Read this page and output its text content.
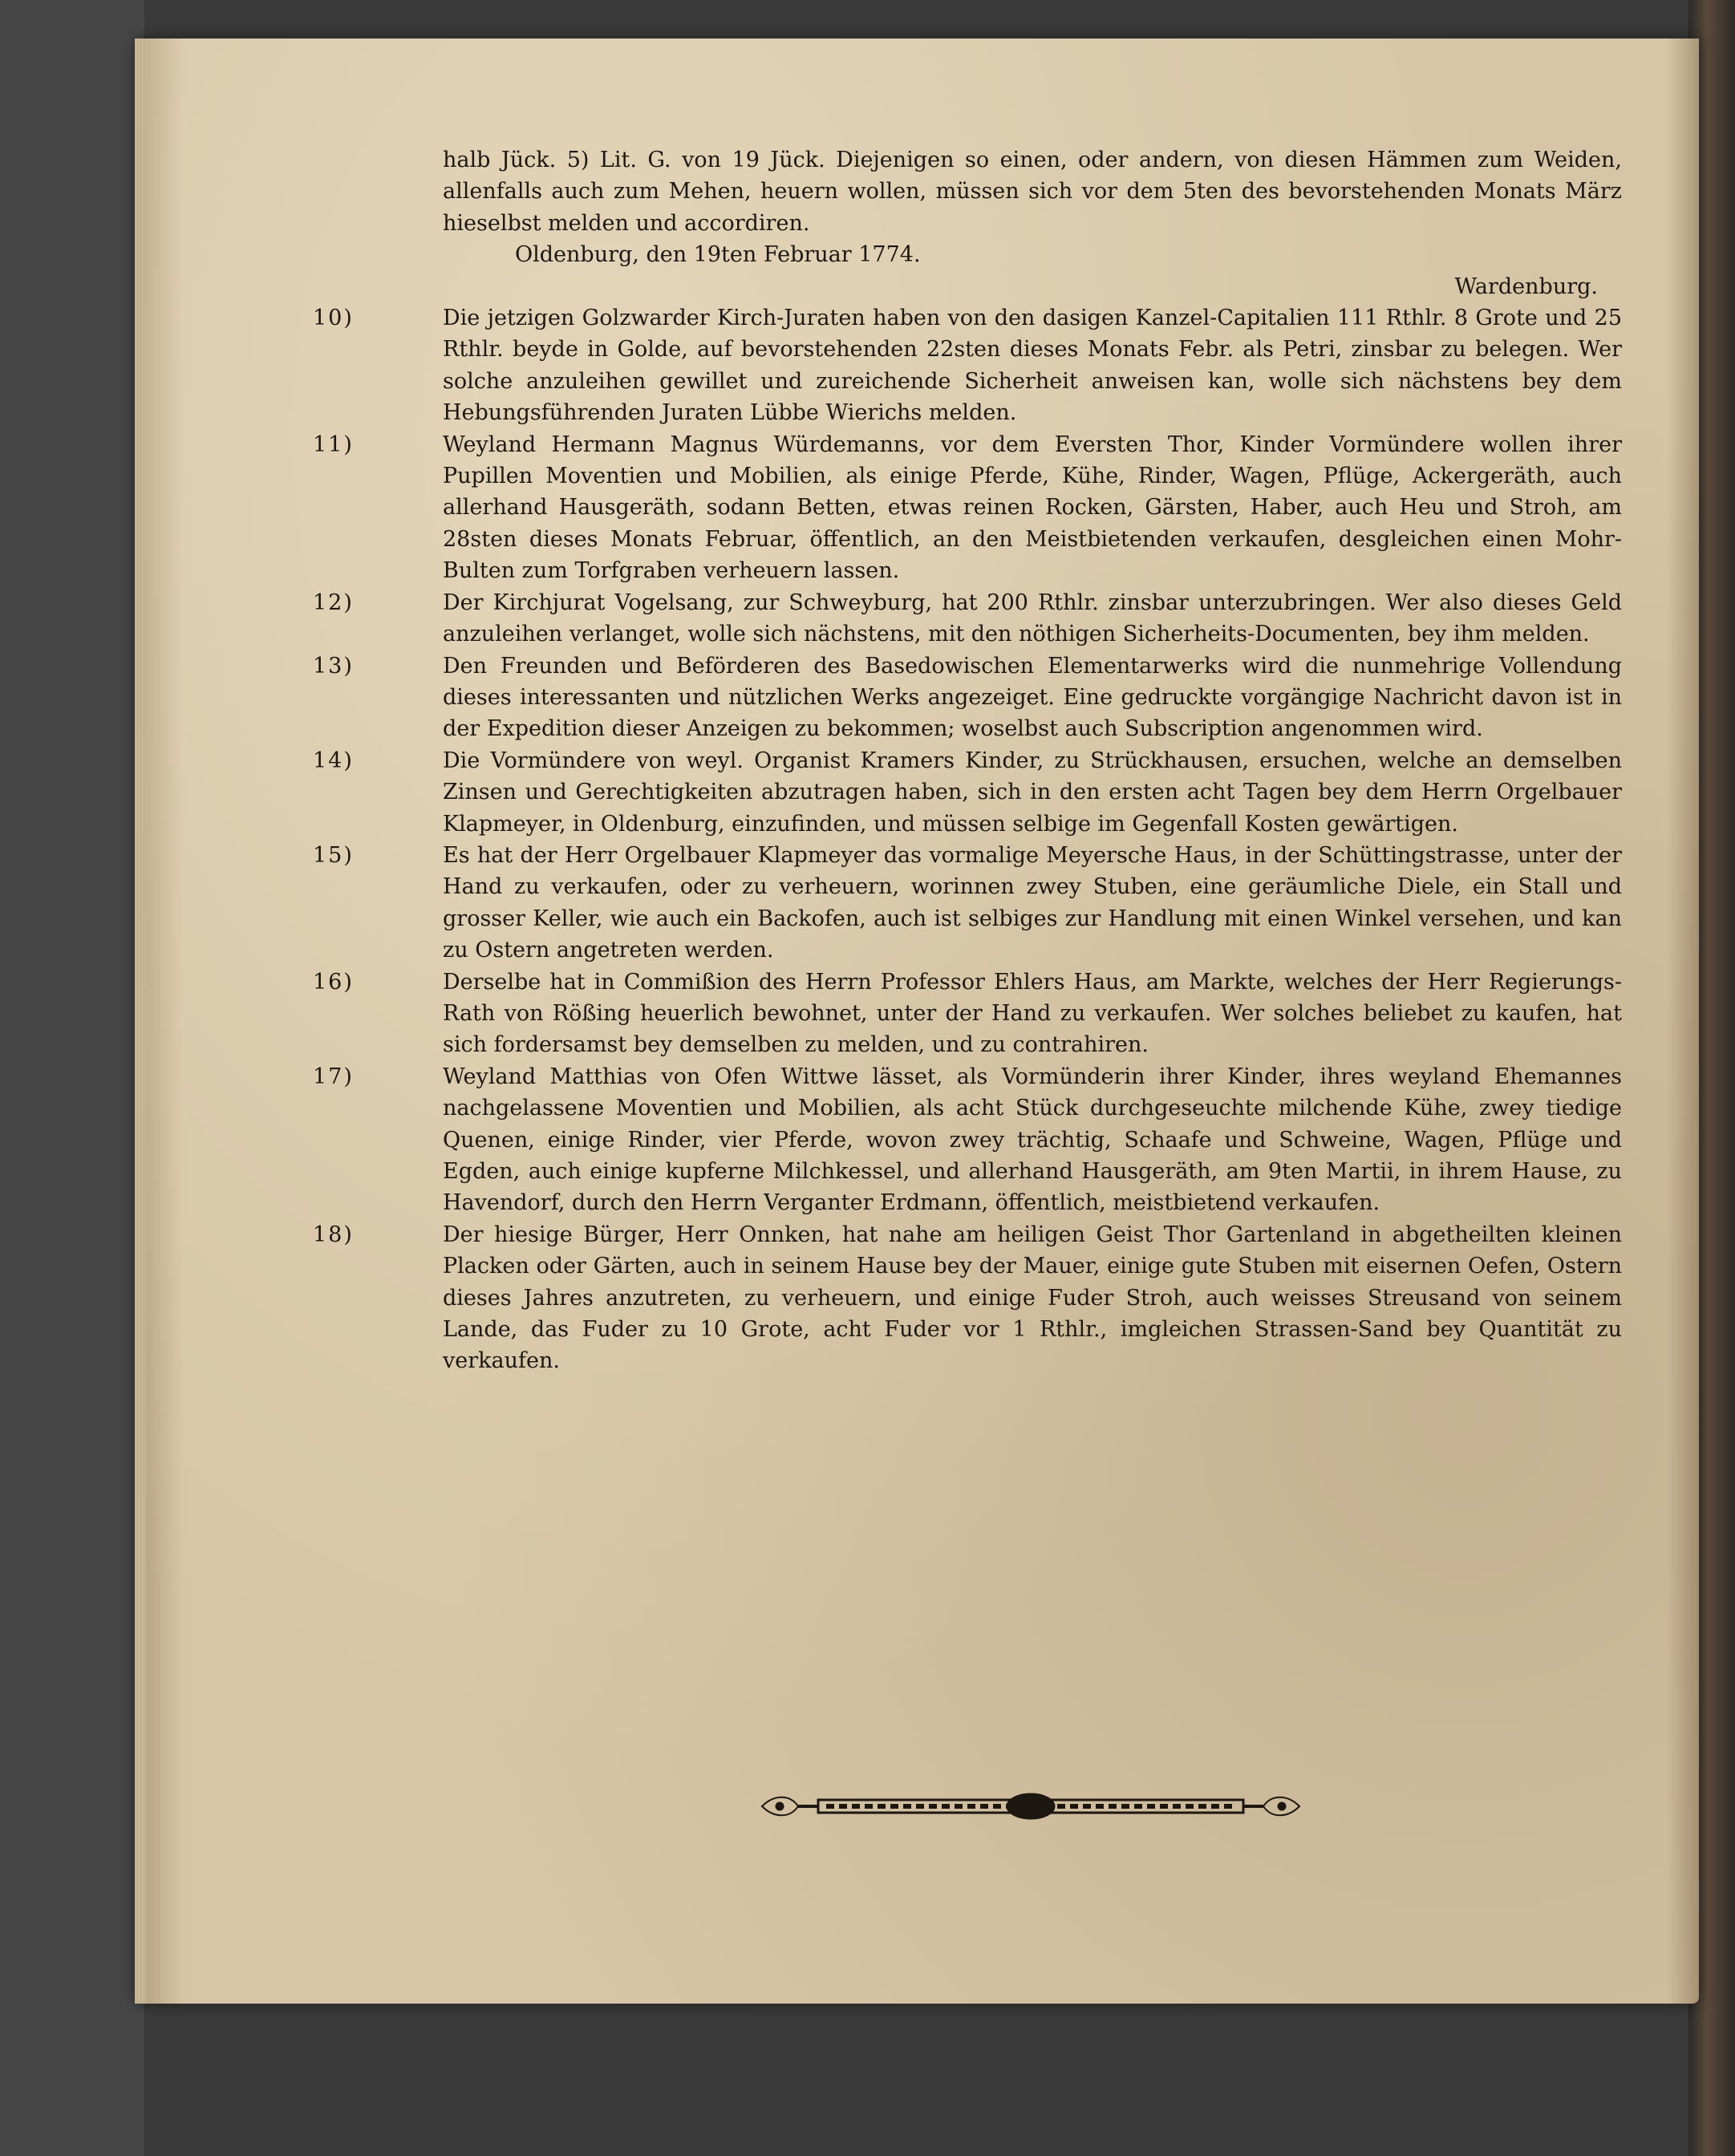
halb Jück. 5) Lit. G. von 19 Jück. Diejenigen so einen, oder andern, von diesen Hämmen zum Weiden, allenfalls auch zum Mehen, heuern wollen, müssen sich vor dem 5ten des bevorstehenden Monats März hieselbst melden und accordiren.

Oldenburg, den 19ten Februar 1774.

Wardenburg.

10)	Die jetzigen Golzwarder Kirch-Juraten haben von den dasigen Kanzel-Capitalien 111 Rthlr. 8 Grote und 25 Rthlr. beyde in Golde, auf bevorstehenden 22sten dieses Monats Febr. als Petri, zinsbar zu belegen. Wer solche anzuleihen gewillet und zureichende Sicherheit anweisen kan, wolle sich nächstens bey dem Hebungsführenden Juraten Lübbe Wierichs melden.
11)	Weyland Hermann Magnus Würdemanns, vor dem Eversten Thor, Kinder Vormündere wollen ihrer Pupillen Moventien und Mobilien, als einige Pferde, Kühe, Rinder, Wagen, Pflüge, Ackergeräth, auch allerhand Hausgeräth, sodann Betten, etwas reinen Rocken, Gärsten, Haber, auch Heu und Stroh, am 28sten dieses Monats Februar, öffentlich, an den Meistbietenden verkaufen, desgleichen einen Mohr-Bulten zum Torfgraben verheuern lassen.
12)	Der Kirchjurat Vogelsang, zur Schweyburg, hat 200 Rthlr. zinsbar unterzubringen. Wer also dieses Geld anzuleihen verlanget, wolle sich nächstens, mit den nöthigen Sicherheits-Documenten, bey ihm melden.
13)	Den Freunden und Beförderen des Basedowischen Elementarwerks wird die nunmehrige Vollendung dieses interessanten und nützlichen Werks angezeiget. Eine gedruckte vorgängige Nachricht davon ist in der Expedition dieser Anzeigen zu bekommen; woselbst auch Subscription angenommen wird.
14)	Die Vormündere von weyl. Organist Kramers Kinder, zu Strückhausen, ersuchen, welche an demselben Zinsen und Gerechtigkeiten abzutragen haben, sich in den ersten acht Tagen bey dem Herrn Orgelbauer Klapmeyer, in Oldenburg, einzufinden, und müssen selbige im Gegenfall Kosten gewärtigen.
15)	Es hat der Herr Orgelbauer Klapmeyer das vormalige Meyersche Haus, in der Schüttingstrasse, unter der Hand zu verkaufen, oder zu verheuern, worinnen zwey Stuben, eine geräumliche Diele, ein Stall und grosser Keller, wie auch ein Backofen, auch ist selbiges zur Handlung mit einen Winkel versehen, und kan zu Ostern angetreten werden.
16)	Derselbe hat in Commißion des Herrn Professor Ehlers Haus, am Markte, welches der Herr Regierungs-Rath von Rößing heuerlich bewohnet, unter der Hand zu verkaufen. Wer solches beliebet zu kaufen, hat sich fordersamst bey demselben zu melden, und zu contrahiren.
17)	Weyland Matthias von Ofen Wittwe lässet, als Vormünderin ihrer Kinder, ihres weyland Ehemannes nachgelassene Moventien und Mobilien, als acht Stück durchgeseuchte milchende Kühe, zwey tiedige Quenen, einige Rinder, vier Pferde, wovon zwey trächtig, Schaafe und Schweine, Wagen, Pflüge und Egden, auch einige kupferne Milchkessel, und allerhand Hausgeräth, am 9ten Martii, in ihrem Hause, zu Havendorf, durch den Herrn Verganter Erdmann, öffentlich, meistbietend verkaufen.
18)	Der hiesige Bürger, Herr Onnken, hat nahe am heiligen Geist Thor Gartenland in abgetheilten kleinen Placken oder Gärten, auch in seinem Hause bey der Mauer, einige gute Stuben mit eisernen Oefen, Ostern dieses Jahres anzutreten, zu verheuern, und einige Fuder Stroh, auch weisses Streusand von seinem Lande, das Fuder zu 10 Grote, acht Fuder vor 1 Rthlr., imgleichen Strassen-Sand bey Quantität zu verkaufen.
